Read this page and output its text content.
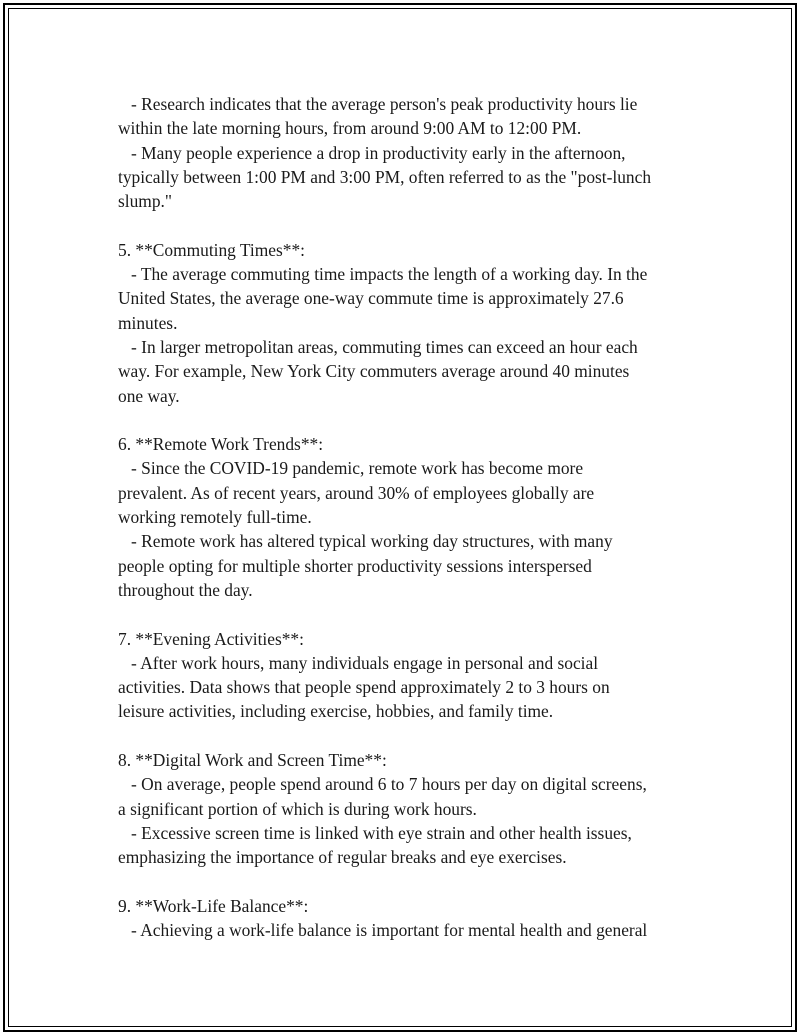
- Research indicates that the average person's peak productivity hours lie
within the late morning hours, from around 9:00 AM to 12:00 PM.
- Many people experience a drop in productivity early in the afternoon,
typically between 1:00 PM and 3:00 PM, often referred to as the "post-lunch
slump."
5. **Commuting Times**:
- The average commuting time impacts the length of a working day. In the
United States, the average one-way commute time is approximately 27.6
minutes.
- In larger metropolitan areas, commuting times can exceed an hour each
way. For example, New York City commuters average around 40 minutes
one way.
6. **Remote Work Trends**:
- Since the COVID-19 pandemic, remote work has become more
prevalent. As of recent years, around 30% of employees globally are
working remotely full-time.
- Remote work has altered typical working day structures, with many
people opting for multiple shorter productivity sessions interspersed
throughout the day.
7. **Evening Activities**:
- After work hours, many individuals engage in personal and social
activities. Data shows that people spend approximately 2 to 3 hours on
leisure activities, including exercise, hobbies, and family time.
8. **Digital Work and Screen Time**:
- On average, people spend around 6 to 7 hours per day on digital screens,
a significant portion of which is during work hours.
- Excessive screen time is linked with eye strain and other health issues,
emphasizing the importance of regular breaks and eye exercises.
9. **Work-Life Balance**:
- Achieving a work-life balance is important for mental health and general
